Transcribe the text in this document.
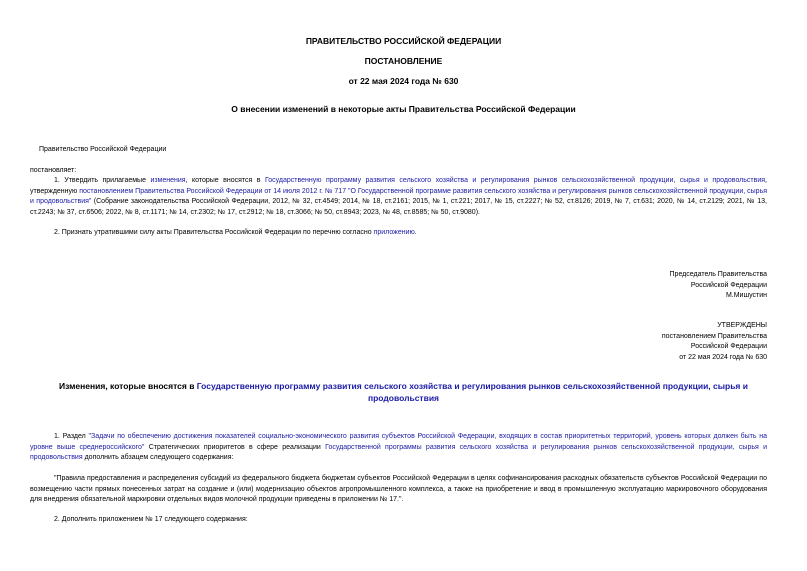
ПРАВИТЕЛЬСТВО РОССИЙСКОЙ ФЕДЕРАЦИИ
ПОСТАНОВЛЕНИЕ
от 22 мая 2024 года № 630
О внесении изменений в некоторые акты Правительства Российской Федерации
Правительство Российской Федерации
постановляет:
1. Утвердить прилагаемые изменения, которые вносятся в Государственную программу развития сельского хозяйства и регулирования рынков сельскохозяйственной продукции, сырья и продовольствия, утвержденную постановлением Правительства Российской Федерации от 14 июля 2012 г. № 717 "О Государственной программе развития сельского хозяйства и регулирования рынков сельскохозяйственной продукции, сырья и продовольствия" (Собрание законодательства Российской Федерации, 2012, № 32, ст.4549; 2014, № 18, ст.2161; 2015, № 1, ст.221; 2017, № 15, ст.2227; № 52, ст.8126; 2019, № 7, ст.631; 2020, № 14, ст.2129; 2021, № 13, ст.2243; № 37, ст.6506; 2022, № 8, ст.1171; № 14, ст.2302; № 17, ст.2912; № 18, ст.3066; № 50, ст.8943; 2023, № 48, ст.8585; № 50, ст.9080).
2. Признать утратившими силу акты Правительства Российской Федерации по перечню согласно приложению.
Председатель Правительства
Российской Федерации
М.Мишустин
УТВЕРЖДЕНЫ
постановлением Правительства
Российской Федерации
от 22 мая 2024 года № 630
Изменения, которые вносятся в Государственную программу развития сельского хозяйства и регулирования рынков сельскохозяйственной продукции, сырья и продовольствия
1. Раздел "Задачи по обеспечению достижения показателей социально-экономического развития субъектов Российской Федерации, входящих в состав приоритетных территорий, уровень которых должен быть на уровне выше среднероссийского" Стратегических приоритетов в сфере реализации Государственной программы развития сельского хозяйства и регулирования рынков сельскохозяйственной продукции, сырья и продовольствия дополнить абзацем следующего содержания:
"Правила предоставления и распределения субсидий из федерального бюджета бюджетам субъектов Российской Федерации в целях софинансирования расходных обязательств субъектов Российской Федерации по возмещению части прямых понесенных затрат на создание и (или) модернизацию объектов агропромышленного комплекса, а также на приобретение и ввод в промышленную эксплуатацию маркировочного оборудования для внедрения обязательной маркировки отдельных видов молочной продукции приведены в приложении № 17.".
2. Дополнить приложением № 17 следующего содержания:
